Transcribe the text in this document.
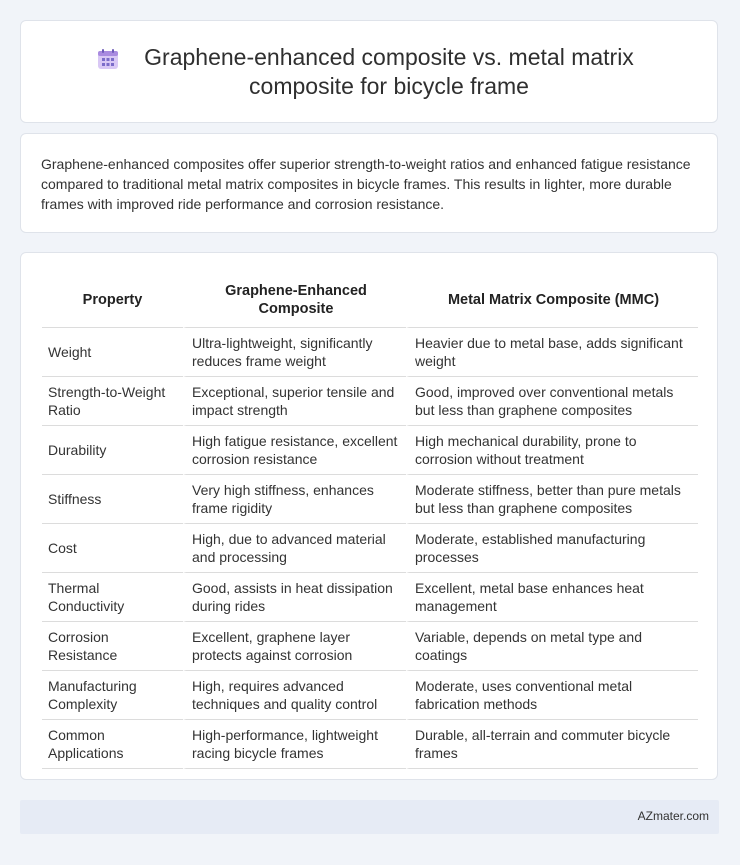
Graphene-enhanced composite vs. metal matrix composite for bicycle frame

Graphene-enhanced composites offer superior strength-to-weight ratios and enhanced fatigue resistance compared to traditional metal matrix composites in bicycle frames. This results in lighter, more durable frames with improved ride performance and corrosion resistance.

Property	Graphene-Enhanced Composite	Metal Matrix Composite (MMC)
Weight	Ultra-lightweight, significantly reduces frame weight	Heavier due to metal base, adds significant weight
Strength-to-Weight Ratio	Exceptional, superior tensile and impact strength	Good, improved over conventional metals but less than graphene composites
Durability	High fatigue resistance, excellent corrosion resistance	High mechanical durability, prone to corrosion without treatment
Stiffness	Very high stiffness, enhances frame rigidity	Moderate stiffness, better than pure metals but less than graphene composites
Cost	High, due to advanced material and processing	Moderate, established manufacturing processes
Thermal Conductivity	Good, assists in heat dissipation during rides	Excellent, metal base enhances heat management
Corrosion Resistance	Excellent, graphene layer protects against corrosion	Variable, depends on metal type and coatings
Manufacturing Complexity	High, requires advanced techniques and quality control	Moderate, uses conventional metal fabrication methods
Common Applications	High-performance, lightweight racing bicycle frames	Durable, all-terrain and commuter bicycle frames
AZmater.com
